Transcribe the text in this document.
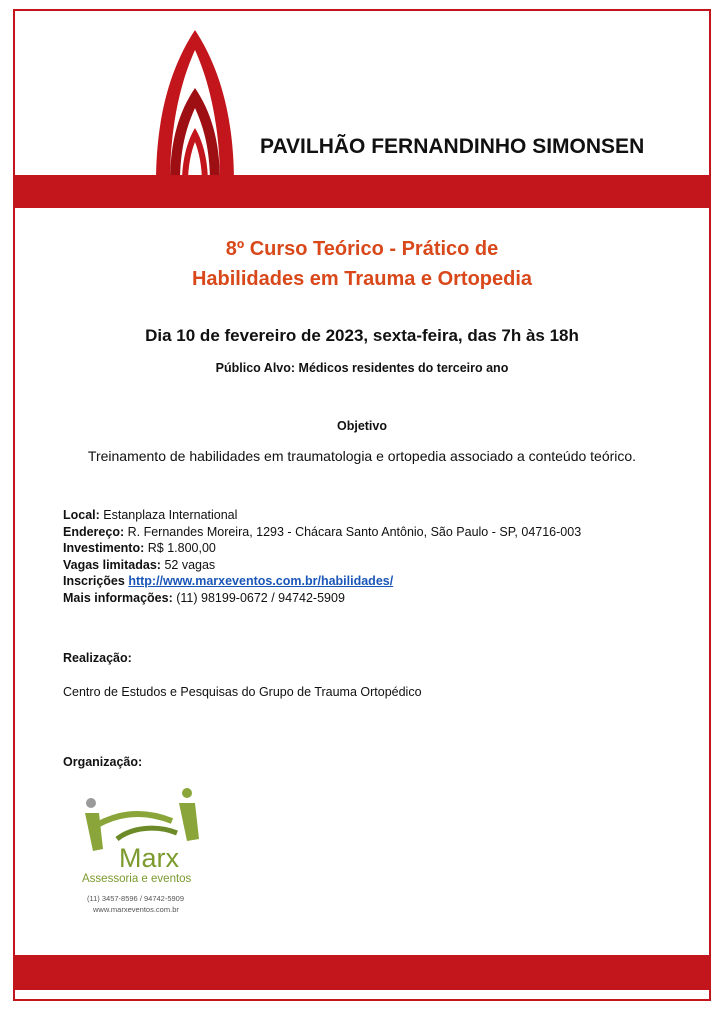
PAVILHÃO FERNANDINHO SIMONSEN
8º Curso Teórico - Prático de
Habilidades em Trauma e Ortopedia
Dia 10 de fevereiro de 2023, sexta-feira, das 7h às 18h
Público Alvo: Médicos residentes do terceiro ano
Objetivo
Treinamento de habilidades em traumatologia e ortopedia associado a conteúdo teórico.
Local: Estanplaza International
Endereço: R. Fernandes Moreira, 1293 - Chácara Santo Antônio, São Paulo - SP, 04716-003
Investimento: R$ 1.800,00
Vagas limitadas: 52 vagas
Inscrições http://www.marxeventos.com.br/habilidades/
Mais informações: (11) 98199-0672 / 94742-5909
Realização:
Centro de Estudos e Pesquisas do Grupo de Trauma Ortopédico
Organização:
Marx
Assessoria e eventos
(11) 3457-8596 / 94742-5909
www.marxeventos.com.br
